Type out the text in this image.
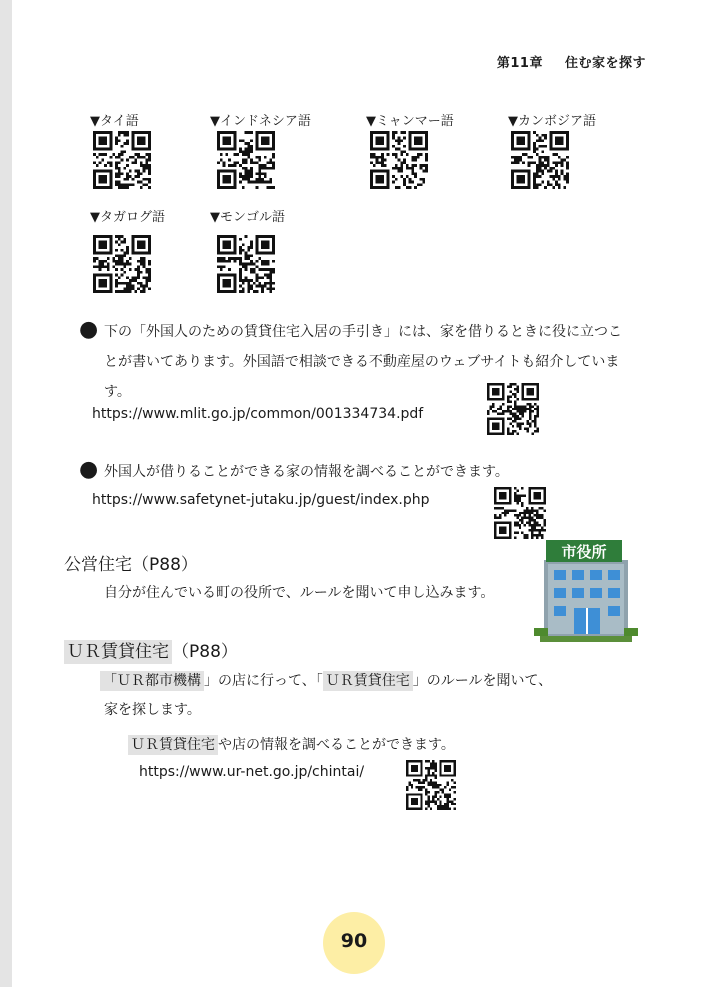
第11章 住む家を探す
▼タイ語	▼インドネシア語	▼ミャンマー語	▼カンボジア語
▼タガログ語	▼モンゴル語
● 下の「外国人のための賃貸住宅入居の手引き」には、家を借りるときに役に立つこ
とが書いてあります。外国語で相談できる不動産屋のウェブサイトも紹介していま
す。
https://www.mlit.go.jp/common/001334734.pdf
● 外国人が借りることができる家の情報を調べることができます。
https://www.safetynet-jutaku.jp/guest/index.php
公営住宅（P88）
自分が住んでいる町の役所で、ルールを聞いて申し込みます。
市役所
ＵＲ賃貸住宅 （P88）
「ＵＲ都市機構 」の店に行って、「 ＵＲ賃貸住宅 」のルールを聞いて、
家を探します。
ＵＲ賃貸住宅 や店の情報を調べることができます。
https://www.ur-net.go.jp/chintai/
90
